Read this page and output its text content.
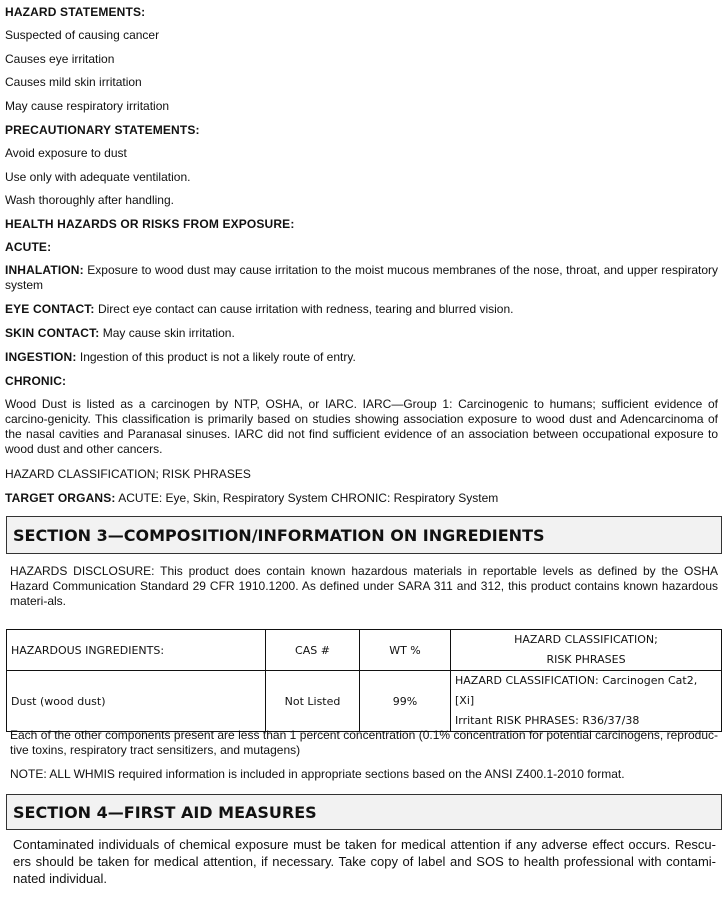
HAZARD STATEMENTS:
Suspected of causing cancer
Causes eye irritation
Causes mild skin irritation
May cause respiratory irritation
PRECAUTIONARY STATEMENTS:
Avoid exposure to dust
Use only with adequate ventilation.
Wash thoroughly after handling.
HEALTH HAZARDS OR RISKS FROM EXPOSURE:
ACUTE:
INHALATION: Exposure to wood dust may cause irritation to the moist mucous membranes of the nose, throat, and upper respiratory system
EYE CONTACT: Direct eye contact can cause irritation with redness, tearing and blurred vision.
SKIN CONTACT: May cause skin irritation.
INGESTION: Ingestion of this product is not a likely route of entry.
CHRONIC:
Wood Dust is listed as a carcinogen by NTP, OSHA, or IARC. IARC—Group 1: Carcinogenic to humans; sufficient evidence of carcino-genicity. This classification is primarily based on studies showing association exposure to wood dust and Adencarcinoma of the nasal cavities and Paranasal sinuses. IARC did not find sufficient evidence of an association between occupational exposure to wood dust and other cancers.
HAZARD CLASSIFICATION; RISK PHRASES
TARGET ORGANS: ACUTE: Eye, Skin, Respiratory System CHRONIC: Respiratory System
SECTION 3—COMPOSITION/INFORMATION ON INGREDIENTS
HAZARDS DISCLOSURE: This product does contain known hazardous materials in reportable levels as defined by the OSHA Hazard Communication Standard 29 CFR 1910.1200. As defined under SARA 311 and 312, this product contains known hazardous materi-als.
HAZARDOUS INGREDIENTS:	CAS #	WT %	HAZARD CLASSIFICATION;
RISK PHRASES

Dust (wood dust)	Not Listed	99%	HAZARD CLASSIFICATION: Carcinogen Cat2, [Xi]
Irritant RISK PHRASES: R36/37/38
Each of the other components present are less than 1 percent concentration (0.1% concentration for potential carcinogens, reproduc-tive toxins, respiratory tract sensitizers, and mutagens)
NOTE: ALL WHMIS required information is included in appropriate sections based on the ANSI Z400.1-2010 format.
SECTION 4—FIRST AID MEASURES
Contaminated individuals of chemical exposure must be taken for medical attention if any adverse effect occurs. Rescu-ers should be taken for medical attention, if necessary. Take copy of label and SOS to health professional with contami-nated individual.
